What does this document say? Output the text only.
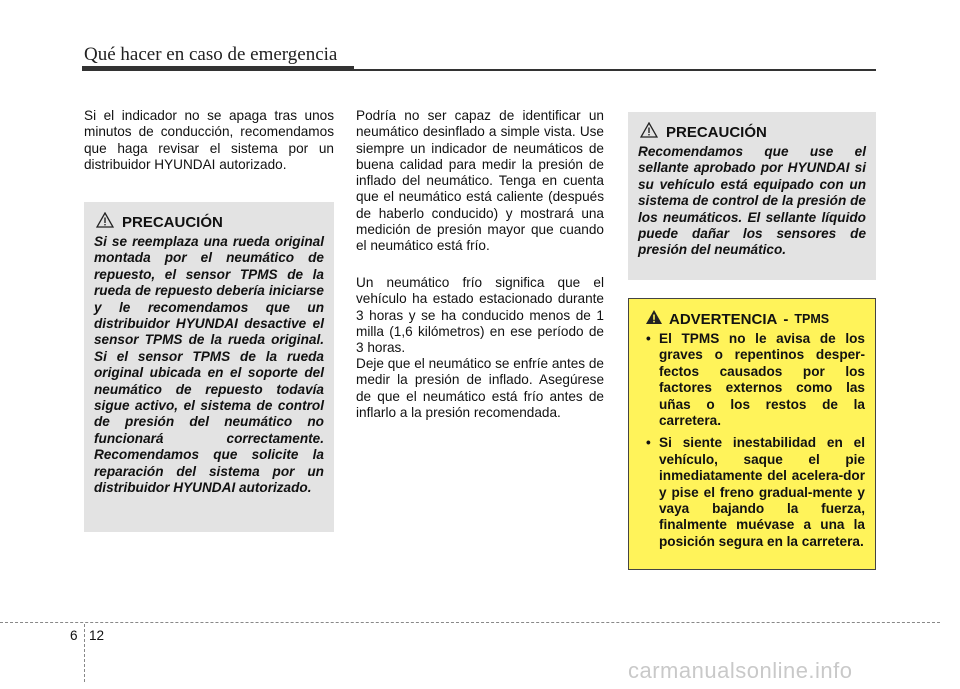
Qué hacer en caso de emergencia

Si el indicador no se apaga tras unos minutos de conducción, recomendamos que haga revisar el sistema por un distribuidor HYUNDAI autorizado.

PRECAUCIÓN

Si se reemplaza una rueda original montada por el neumático de repuesto, el sensor TPMS de la rueda de repuesto debería iniciarse y le recomendamos que un distribuidor HYUNDAI desactive el sensor TPMS de la rueda original. Si el sensor TPMS de la rueda original ubicada en el soporte del neumático de repuesto todavía sigue activo, el sistema de control de presión del neumático no funcionará correctamente. Recomendamos que solicite la reparación del sistema por un distribuidor HYUNDAI autorizado.

Podría no ser capaz de identificar un neumático desinflado a simple vista. Use siempre un indicador de neumáticos de buena calidad para medir la presión de inflado del neumático. Tenga en cuenta que el neumático está caliente (después de haberlo conducido) y mostrará una medición de presión mayor que cuando el neumático está frío.

Un neumático frío significa que el vehículo ha estado estacionado durante 3 horas y se ha conducido menos de 1 milla (1,6 kilómetros) en ese período de 3 horas.

Deje que el neumático se enfríe antes de medir la presión de inflado. Asegúrese de que el neumático está frío antes de inflarlo a la presión recomendada.

PRECAUCIÓN

Recomendamos que use el sellante aprobado por HYUNDAI si su vehículo está equipado con un sistema de control de la presión de los neumáticos. El sellante líquido puede dañar los sensores de presión del neumático.

ADVERTENCIA - TPMS
• El TPMS no le avisa de los graves o repentinos desper-fectos causados por los factores externos como las uñas o los restos de la carretera.
• Si siente inestabilidad en el vehículo, saque el pie inmediatamente del acelera-dor y pise el freno gradual-mente y vaya bajando la fuerza, finalmente muévase a una la posición segura en la carretera.
6 12
carmanualsonline.info
